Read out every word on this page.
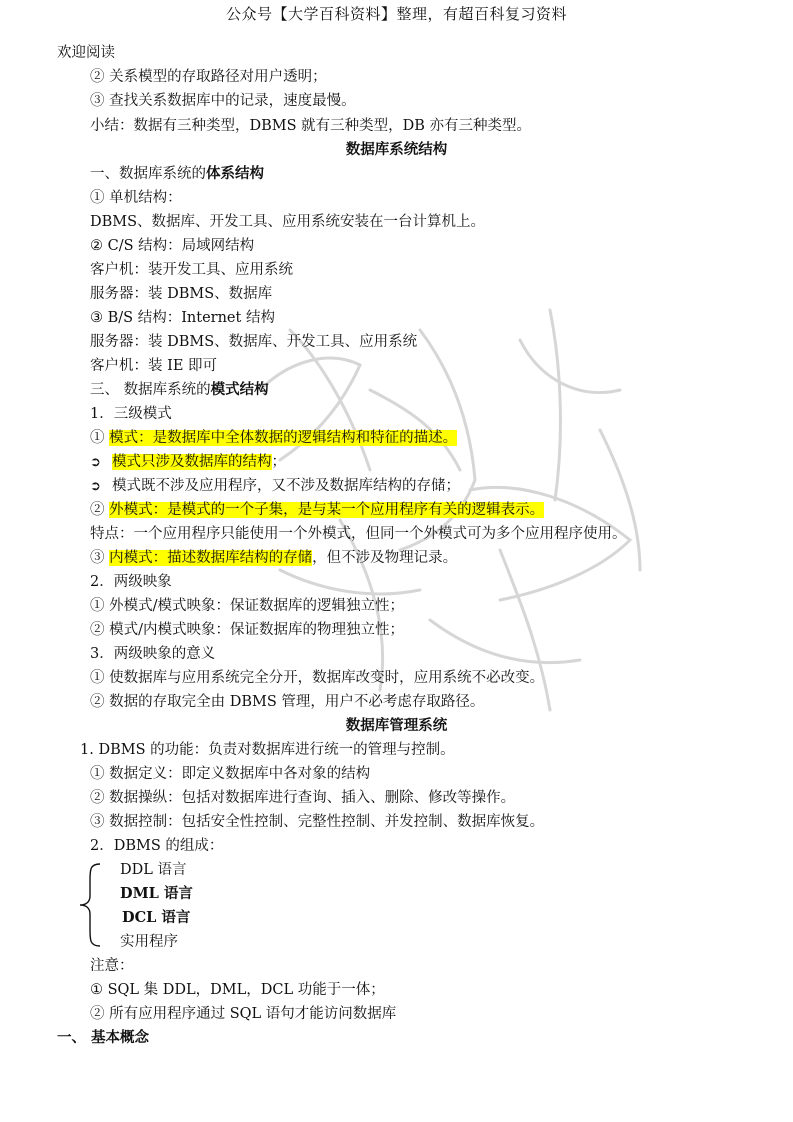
公众号【大学百科资料】整理，有超百科复习资料
欢迎阅读
② 关系模型的存取路径对用户透明；
③ 查找关系数据库中的记录，速度最慢。
小结：数据有三种类型，DBMS 就有三种类型，DB 亦有三种类型。
数据库系统结构
一、数据库系统的体系结构
① 单机结构：
DBMS、数据库、开发工具、应用系统安装在一台计算机上。
② C/S 结构：局域网结构
客户机：装开发工具、应用系统
服务器：装 DBMS、数据库
③ B/S 结构：Internet 结构
服务器：装 DBMS、数据库、开发工具、应用系统
客户机：装 IE 即可
三、 数据库系统的模式结构
1．三级模式
① 模式：是数据库中全体数据的逻辑结构和特征的描述。
➲ 模式只涉及数据库的结构；
➲ 模式既不涉及应用程序，又不涉及数据库结构的存储；
② 外模式：是模式的一个子集，是与某一个应用程序有关的逻辑表示。
特点：一个应用程序只能使用一个外模式，但同一个外模式可为多个应用程序使用。
③ 内模式：描述数据库结构的存储，但不涉及物理记录。
2．两级映象
① 外模式/模式映象：保证数据库的逻辑独立性；
② 模式/内模式映象：保证数据库的物理独立性；
3．两级映象的意义
① 使数据库与应用系统完全分开，数据库改变时，应用系统不必改变。
② 数据的存取完全由 DBMS 管理，用户不必考虑存取路径。
数据库管理系统
1. DBMS 的功能：负责对数据库进行统一的管理与控制。
① 数据定义：即定义数据库中各对象的结构
② 数据操纵：包括对数据库进行查询、插入、删除、修改等操作。
③ 数据控制：包括安全性控制、完整性控制、并发控制、数据库恢复。
2．DBMS 的组成：
DDL 语言
DML 语言
DCL 语言
实用程序
注意：
① SQL 集 DDL，DML，DCL 功能于一体；
② 所有应用程序通过 SQL 语句才能访问数据库
一、 基本概念
